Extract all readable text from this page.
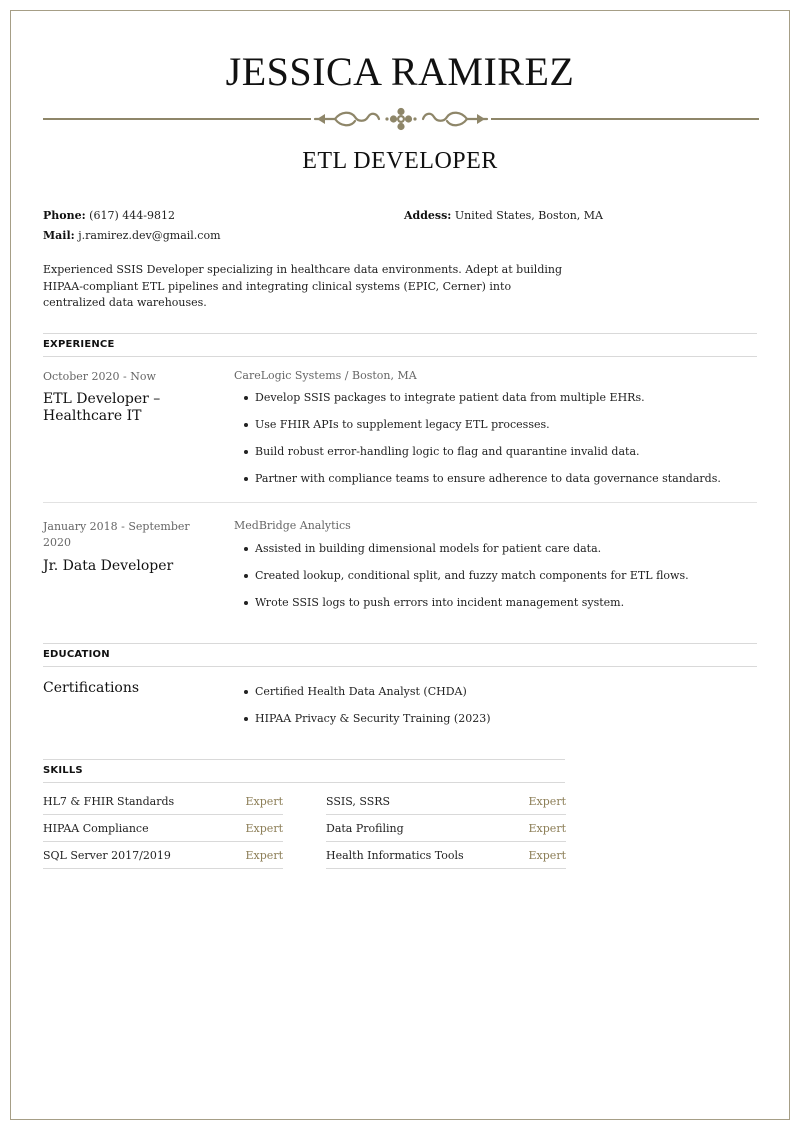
JESSICA RAMIREZ
ETL DEVELOPER
Phone: (617) 444-9812
Mail: j.ramirez.dev@gmail.com
Addess: United States, Boston, MA
Experienced SSIS Developer specializing in healthcare data environments. Adept at building HIPAA-compliant ETL pipelines and integrating clinical systems (EPIC, Cerner) into centralized data warehouses.
EXPERIENCE
October 2020 - Now
ETL Developer – Healthcare IT
CareLogic Systems / Boston, MA
Develop SSIS packages to integrate patient data from multiple EHRs.
Use FHIR APIs to supplement legacy ETL processes.
Build robust error-handling logic to flag and quarantine invalid data.
Partner with compliance teams to ensure adherence to data governance standards.
January 2018 - September 2020
Jr. Data Developer
MedBridge Analytics
Assisted in building dimensional models for patient care data.
Created lookup, conditional split, and fuzzy match components for ETL flows.
Wrote SSIS logs to push errors into incident management system.
EDUCATION
Certifications	Certified Health Data Analyst (CHDA)
HIPAA Privacy & Security Training (2023)
SKILLS
HL7 & FHIR Standards	Expert
HIPAA Compliance	Expert
SQL Server 2017/2019	Expert
SSIS, SSRS	Expert
Data Profiling	Expert
Health Informatics Tools	Expert
